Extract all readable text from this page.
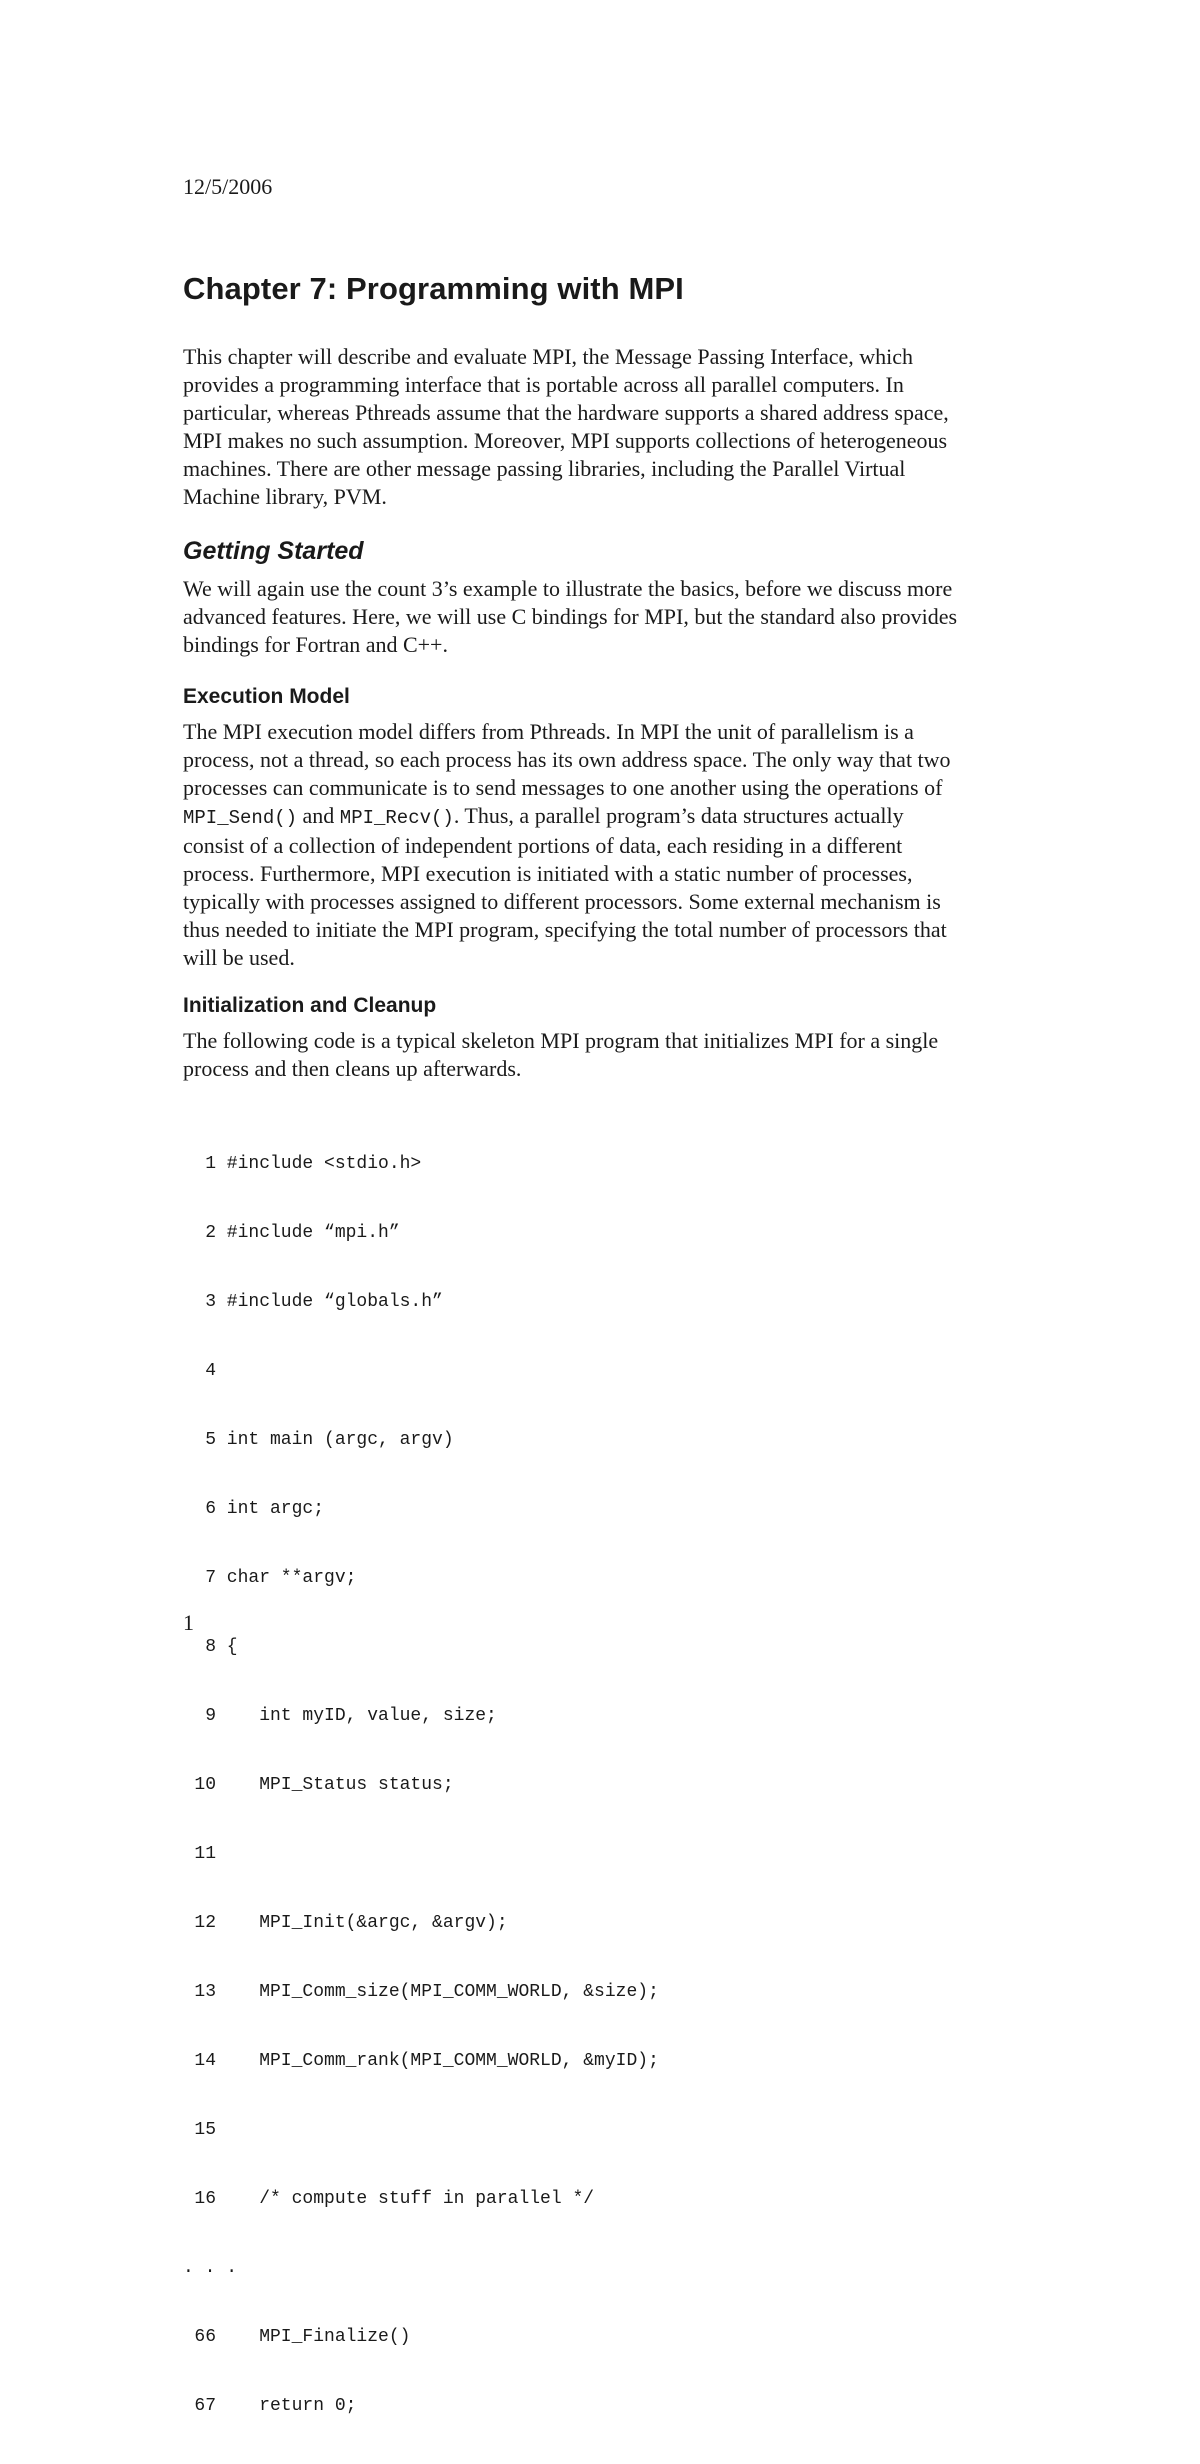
12/5/2006
Chapter 7: Programming with MPI

This chapter will describe and evaluate MPI, the Message Passing Interface, which
provides a programming interface that is portable across all parallel computers. In
particular, whereas Pthreads assume that the hardware supports a shared address space,
MPI makes no such assumption. Moreover, MPI supports collections of heterogeneous
machines. There are other message passing libraries, including the Parallel Virtual
Machine library, PVM.

Getting Started

We will again use the count 3’s example to illustrate the basics, before we discuss more
advanced features. Here, we will use C bindings for MPI, but the standard also provides
bindings for Fortran and C++.

Execution Model

The MPI execution model differs from Pthreads. In MPI the unit of parallelism is a
process, not a thread, so each process has its own address space. The only way that two
processes can communicate is to send messages to one another using the operations of
MPI_Send() and MPI_Recv(). Thus, a parallel program’s data structures actually
consist of a collection of independent portions of data, each residing in a different
process. Furthermore, MPI execution is initiated with a static number of processes,
typically with processes assigned to different processors. Some external mechanism is
thus needed to initiate the MPI program, specifying the total number of processors that
will be used.

Initialization and Cleanup

The following code is a typical skeleton MPI program that initializes MPI for a single
process and then cleans up afterwards.

1 #include <stdio.h>

2 #include “mpi.h”

3 #include “globals.h”

4

5 int main (argc, argv)

6 int argc;

7 char **argv;

8 {

9    int myID, value, size;

10    MPI_Status status;

11

12    MPI_Init(&argc, &argv);

13    MPI_Comm_size(MPI_COMM_WORLD, &size);

14    MPI_Comm_rank(MPI_COMM_WORLD, &myID);

15

16    /* compute stuff in parallel */

. . .

66    MPI_Finalize()

67    return 0;

1
